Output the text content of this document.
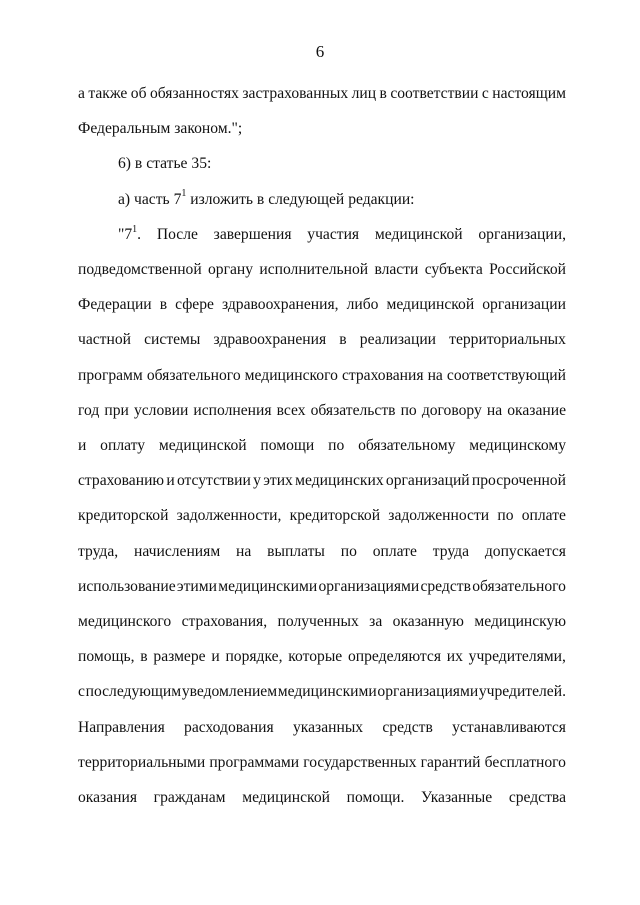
6
а также об обязанностях застрахованных лиц в соответствии с настоящим
Федеральным законом.";
6) в статье 35:
а) часть $7^1$ изложить в следующей редакции:
"$7^1$. После завершения участия медицинской организации,
подведомственной органу исполнительной власти субъекта Российской
Федерации в сфере здравоохранения, либо медицинской организации
частной системы здравоохранения в реализации территориальных
программ обязательного медицинского страхования на соответствующий
год при условии исполнения всех обязательств по договору на оказание
и оплату медицинской помощи по обязательному медицинскому
страхованию и отсутствии у этих медицинских организаций просроченной
кредиторской задолженности, кредиторской задолженности по оплате
труда, начислениям на выплаты по оплате труда допускается
использование этими медицинскими организациями средств обязательного
медицинского страхования, полученных за оказанную медицинскую
помощь, в размере и порядке, которые определяются их учредителями,
с последующим уведомлением медицинскими организациями учредителей.
Направления расходования указанных средств устанавливаются
территориальными программами государственных гарантий бесплатного
оказания гражданам медицинской помощи. Указанные средства
